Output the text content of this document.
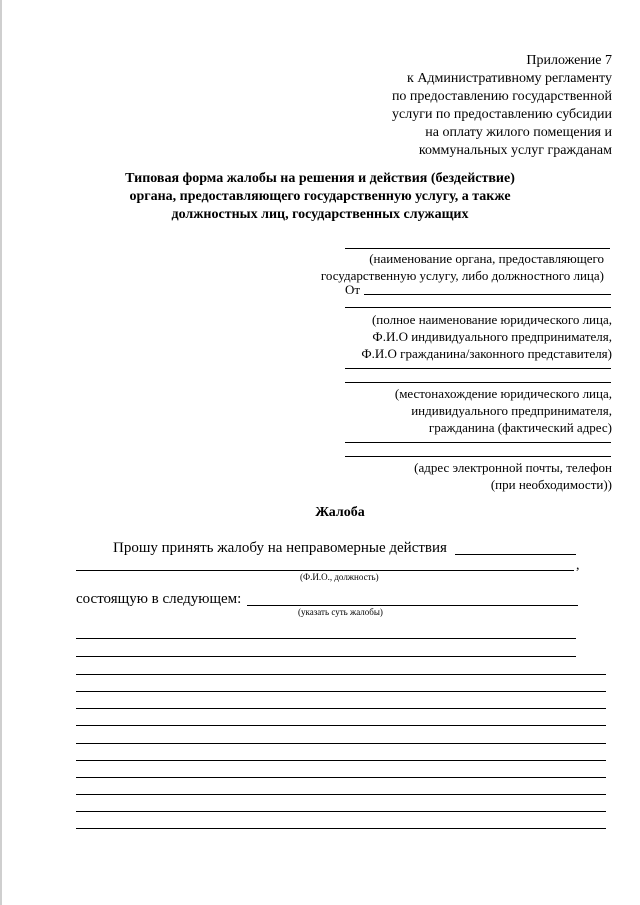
Приложение 7
к Административному регламенту
по предоставлению государственной
услуги по предоставлению субсидии
на оплату жилого помещения и
коммунальных услуг гражданам
Типовая форма жалобы на решения и действия (бездействие)
органа, предоставляющего государственную услугу, а также
должностных лиц, государственных служащих
(наименование органа, предоставляющего
государственную услугу, либо должностного лица)
От
(полное наименование юридического лица,
Ф.И.О индивидуального предпринимателя,
Ф.И.О гражданина/законного представителя)
(местонахождение юридического лица,
индивидуального предпринимателя,
гражданина (фактический адрес)
(адрес электронной почты, телефон
(при необходимости))
Жалоба
Прошу принять жалобу на неправомерные действия
,
(Ф.И.О., должность)
состоящую в следующем:
(указать суть жалобы)
